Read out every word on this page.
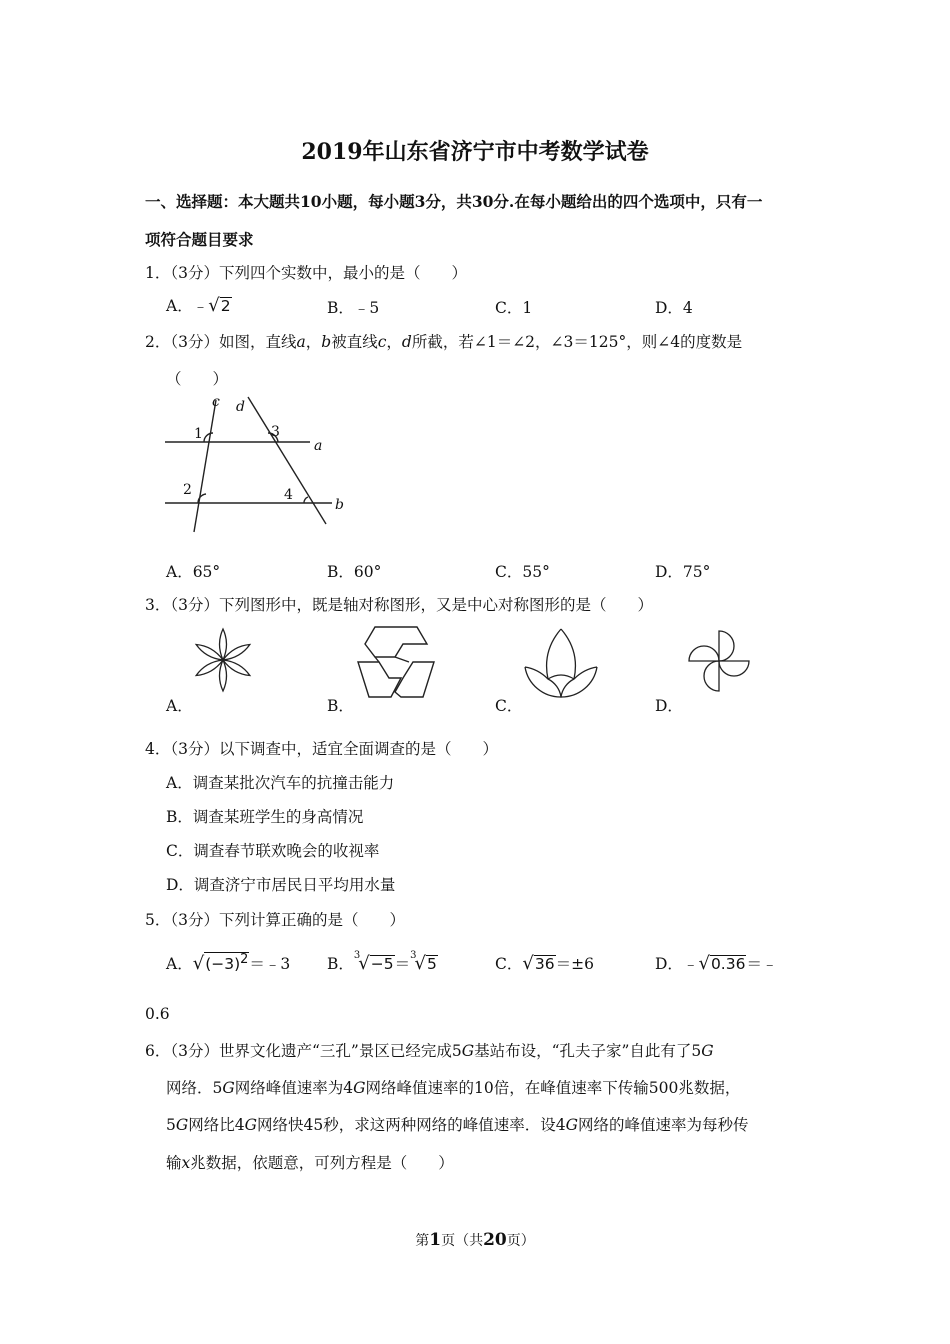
2019年山东省济宁市中考数学试卷
一、选择题：本大题共10小题，每小题3分，共30分.在每小题给出的四个选项中，只有一
项符合题目要求
1．（3分）下列四个实数中，最小的是（　　）
A．﹣√2	B．﹣5	C．1	D．4
2．（3分）如图，直线a，b被直线c，d所截，若∠1＝∠2，∠3＝125°，则∠4的度数是
（　　）
1
2
3
4
a
b
c d
A．65°	B．60°	C．55°	D．75°
3．（3分）下列图形中，既是轴对称图形，又是中心对称图形的是（　　）
A．	B．	C．	D．
4．（3分）以下调查中，适宜全面调查的是（　　）
A．调查某批次汽车的抗撞击能力
B．调查某班学生的身高情况
C．调查春节联欢晚会的收视率
D．调查济宁市居民日平均用水量
5．（3分）下列计算正确的是（　　）
A．$√(-3)^2=﹣3$ B．$^3$√−5＝$^3$√5	C．√36＝±6	D．﹣√0.36＝﹣
0.6
6．（3分）世界文化遗产“三孔”景区已经完成5G基站布设，“孔夫子家”自此有了5G
网络．5G网络峰值速率为4G网络峰值速率的10倍，在峰值速率下传输500兆数据，
5G网络比4G网络快45秒，求这两种网络的峰值速率．设4G网络的峰值速率为每秒传
输x兆数据，依题意，可列方程是（　　）
第1页（共20页）
